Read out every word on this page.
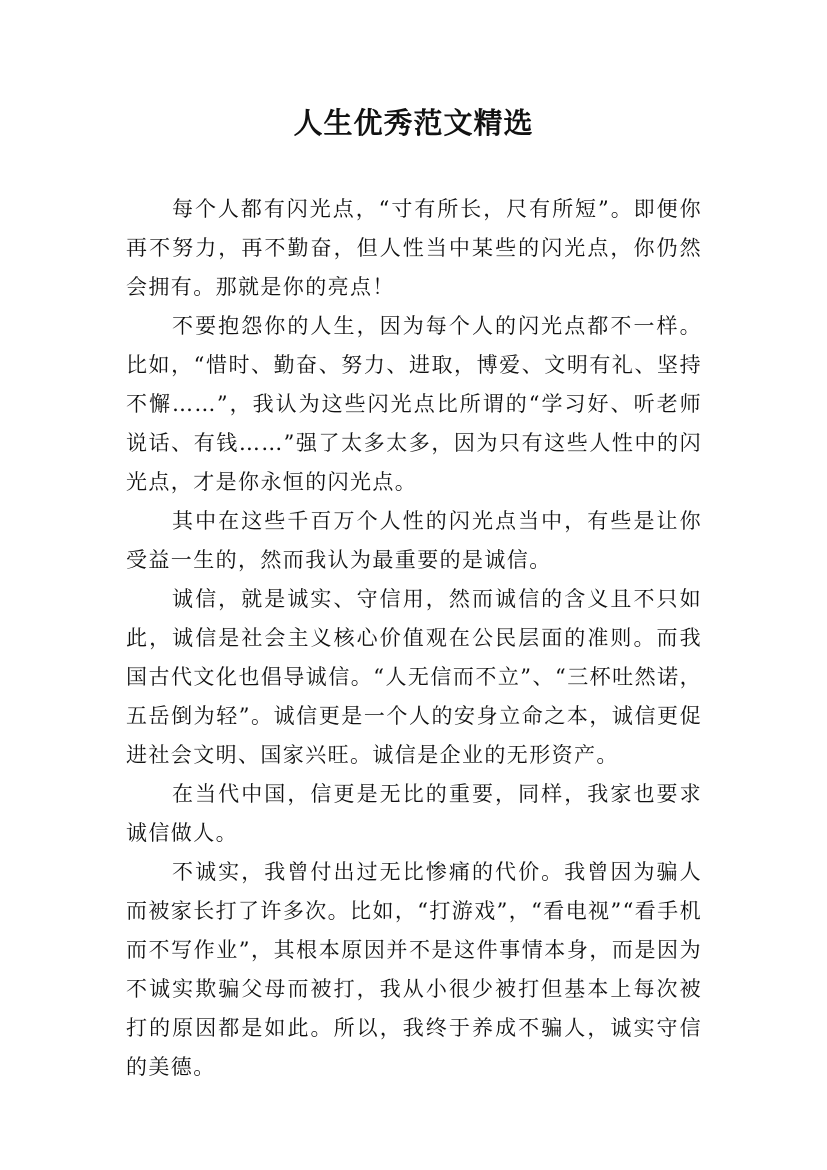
人生优秀范文精选

每个人都有闪光点，“寸有所长，尺有所短”。即便你再不努力，再不勤奋，但人性当中某些的闪光点，你仍然会拥有。那就是你的亮点！

不要抱怨你的人生，因为每个人的闪光点都不一样。比如，“惜时、勤奋、努力、进取，博爱、文明有礼、坚持不懈……”，我认为这些闪光点比所谓的“学习好、听老师说话、有钱……”强了太多太多，因为只有这些人性中的闪光点，才是你永恒的闪光点。

其中在这些千百万个人性的闪光点当中，有些是让你受益一生的，然而我认为最重要的是诚信。

诚信，就是诚实、守信用，然而诚信的含义且不只如此，诚信是社会主义核心价值观在公民层面的准则。而我国古代文化也倡导诚信。“人无信而不立”、“三杯吐然诺，五岳倒为轻”。诚信更是一个人的安身立命之本，诚信更促进社会文明、国家兴旺。诚信是企业的无形资产。

在当代中国，信更是无比的重要，同样，我家也要求诚信做人。

不诚实，我曾付出过无比惨痛的代价。我曾因为骗人而被家长打了许多次。比如，“打游戏”，“看电视”“看手机而不写作业”，其根本原因并不是这件事情本身，而是因为不诚实欺骗父母而被打，我从小很少被打但基本上每次被打的原因都是如此。所以，我终于养成不骗人，诚实守信的美德。
